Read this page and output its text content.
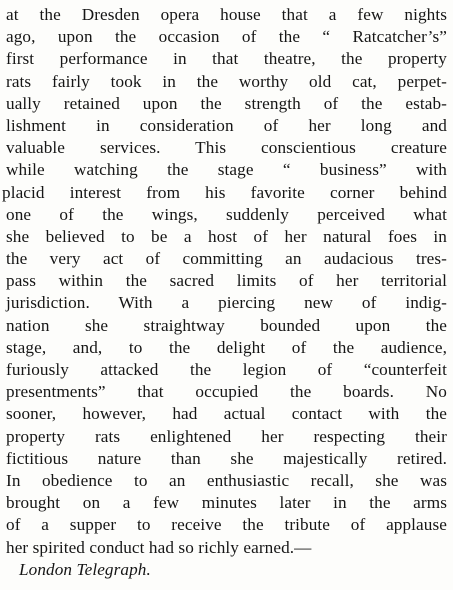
at the Dresden opera house that a few nights
ago, upon the occasion of the “ Ratcatcher’s”
first performance in that theatre, the property
rats fairly took in the worthy old cat, perpet-
ually retained upon the strength of the estab-
lishment in consideration of her long and
valuable services. This conscientious creature
while watching the stage “ business” with
placid interest from his favorite corner behind
one of the wings, suddenly perceived what
she believed to be a host of her natural foes in
the very act of committing an audacious tres-
pass within the sacred limits of her territorial
jurisdiction. With a piercing new of indig-
nation she straightway bounded upon the
stage, and, to the delight of the audience,
furiously attacked the legion of “counterfeit
presentments” that occupied the boards. No
sooner, however, had actual contact with the
property rats enlightened her respecting their
fictitious nature than she majestically retired.
In obedience to an enthusiastic recall, she was
brought on a few minutes later in the arms
of a supper to receive the tribute of applause
her spirited conduct had so richly earned.—
London Telegraph.
